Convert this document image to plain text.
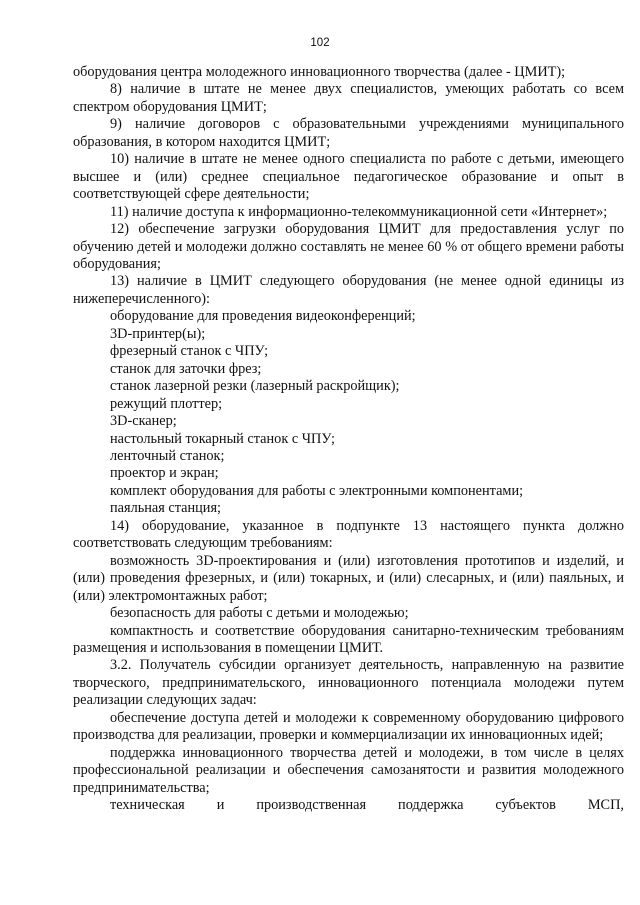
102

оборудования центра молодежного инновационного творчества (далее - ЦМИТ);

8) наличие в штате не менее двух специалистов, умеющих работать со всем спектром оборудования ЦМИТ;

9) наличие договоров с образовательными учреждениями муниципального образования, в котором находится ЦМИТ;

10) наличие в штате не менее одного специалиста по работе с детьми, имеющего высшее и (или) среднее специальное педагогическое образование и опыт в соответствующей сфере деятельности;

11) наличие доступа к информационно-телекоммуникационной сети «Интернет»;

12) обеспечение загрузки оборудования ЦМИТ для предоставления услуг по обучению детей и молодежи должно составлять не менее 60 % от общего времени работы оборудования;

13) наличие в ЦМИТ следующего оборудования (не менее одной единицы из нижеперечисленного):

оборудование для проведения видеоконференций;

3D-принтер(ы);

фрезерный станок с ЧПУ;

станок для заточки фрез;

станок лазерной резки (лазерный раскройщик);

режущий плоттер;

3D-сканер;

настольный токарный станок с ЧПУ;

ленточный станок;

проектор и экран;

комплект оборудования для работы с электронными компонентами;

паяльная станция;

14) оборудование, указанное в подпункте 13 настоящего пункта должно соответствовать следующим требованиям:

возможность 3D-проектирования и (или) изготовления прототипов и изделий, и (или) проведения фрезерных, и (или) токарных, и (или) слесарных, и (или) паяльных, и (или) электромонтажных работ;

безопасность для работы с детьми и молодежью;

компактность и соответствие оборудования санитарно-техническим требованиям размещения и использования в помещении ЦМИТ.

3.2. Получатель субсидии организует деятельность, направленную на развитие творческого, предпринимательского, инновационного потенциала молодежи путем реализации следующих задач:

обеспечение доступа детей и молодежи к современному оборудованию цифрового производства для реализации, проверки и коммерциализации их инновационных идей;

поддержка инновационного творчества детей и молодежи, в том числе в целях профессиональной реализации и обеспечения самозанятости и развития молодежного предпринимательства;

техническая и производственная поддержка субъектов МСП,
